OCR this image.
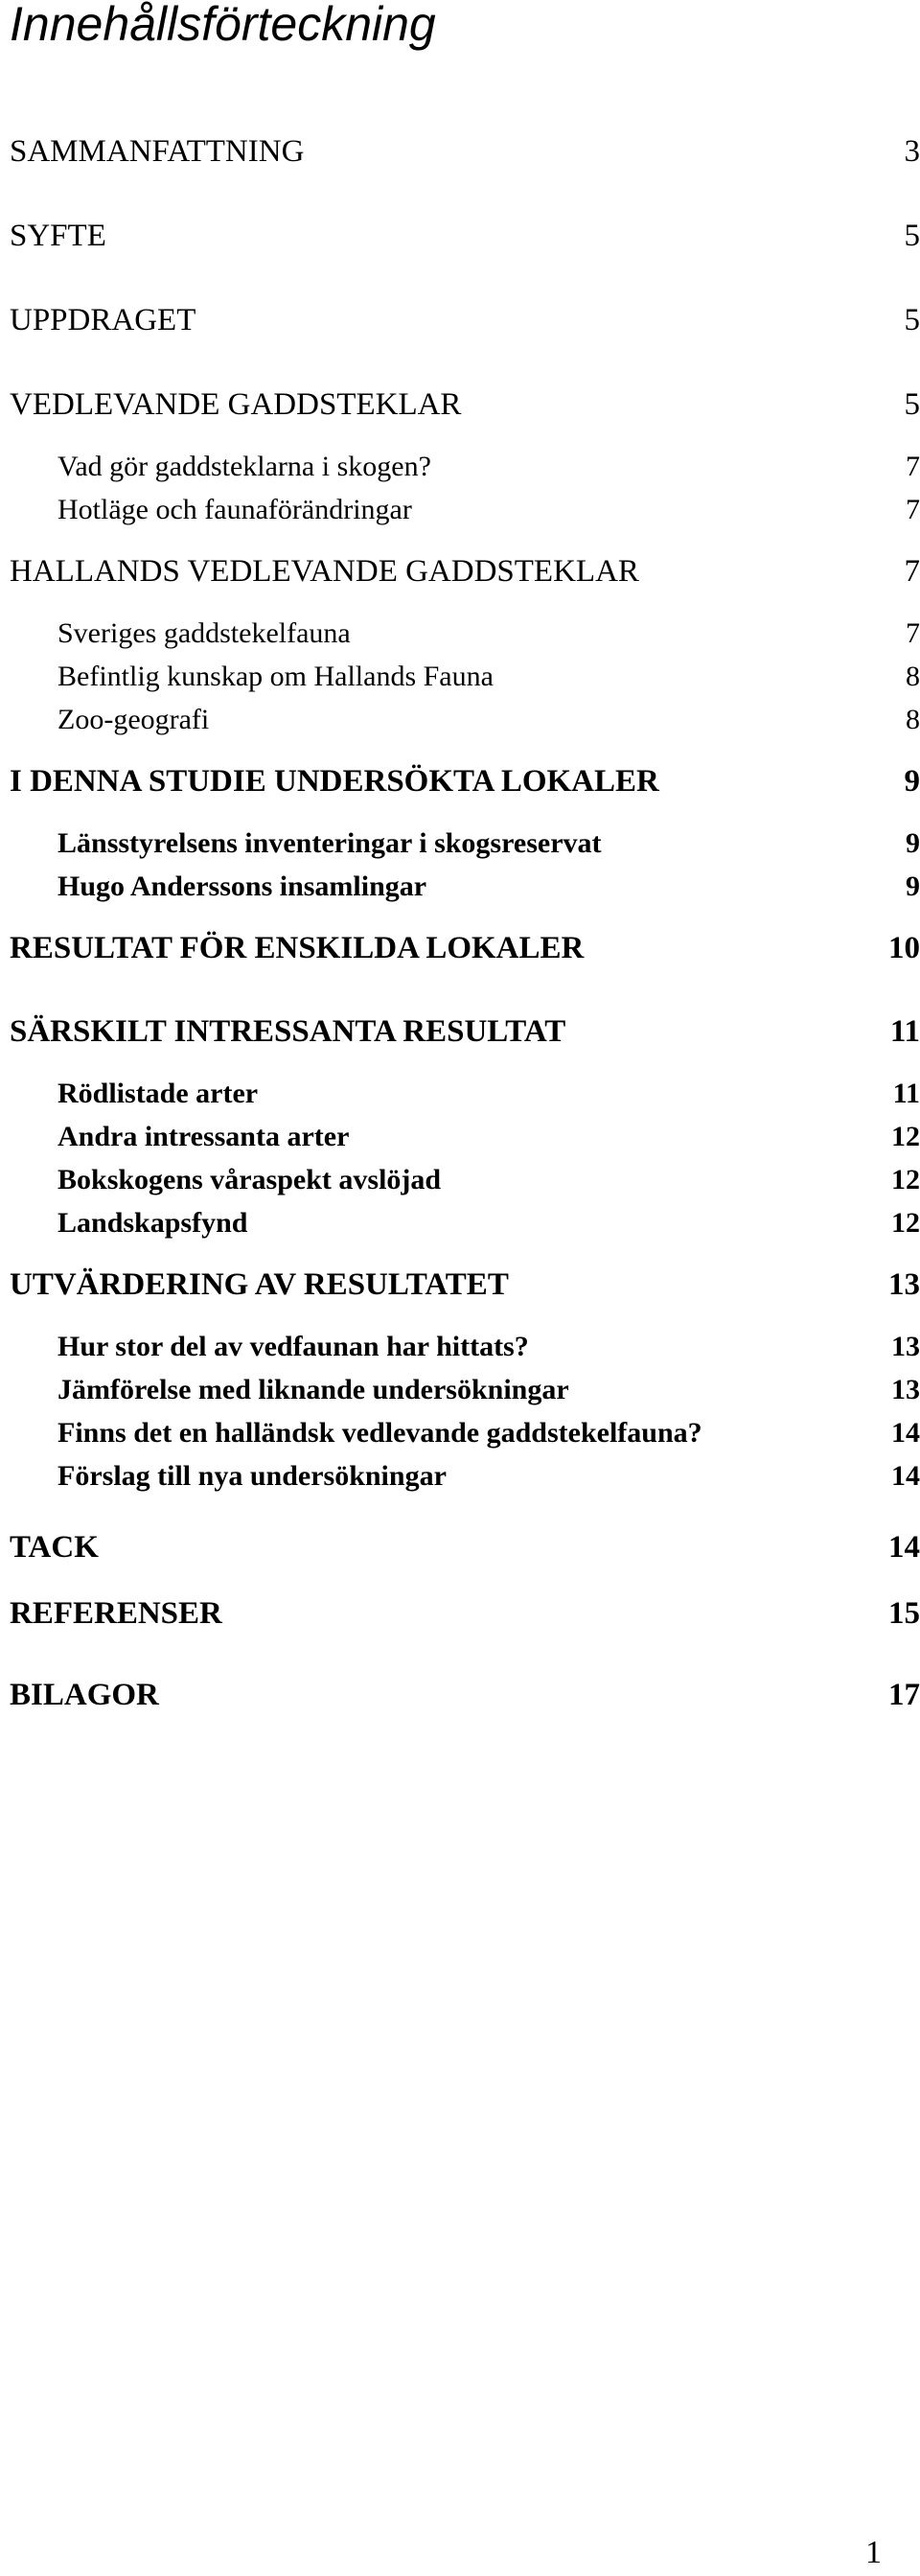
Innehållsförteckning
SAMMANFATTNING	3
SYFTE	5
UPPDRAGET	5
VEDLEVANDE GADDSTEKLAR	5
Vad gör gaddsteklarna i skogen?	7
Hotläge och faunaförändringar	7
HALLANDS VEDLEVANDE GADDSTEKLAR	7
Sveriges gaddstekelfauna	7
Befintlig kunskap om Hallands Fauna	8
Zoo-geografi	8
I DENNA STUDIE UNDERSÖKTA LOKALER	9
Länsstyrelsens inventeringar i skogsreservat	9
Hugo Anderssons insamlingar	9
RESULTAT FÖR ENSKILDA LOKALER	10
SÄRSKILT INTRESSANTA RESULTAT	11
Rödlistade arter	11
Andra intressanta arter	12
Bokskogens våraspekt avslöjad	12
Landskapsfynd	12
UTVÄRDERING AV RESULTATET	13
Hur stor del av vedfaunan har hittats?	13
Jämförelse med liknande undersökningar	13
Finns det en halländsk vedlevande gaddstekelfauna?	14
Förslag till nya undersökningar	14
TACK	14
REFERENSER	15
BILAGOR	17
1
